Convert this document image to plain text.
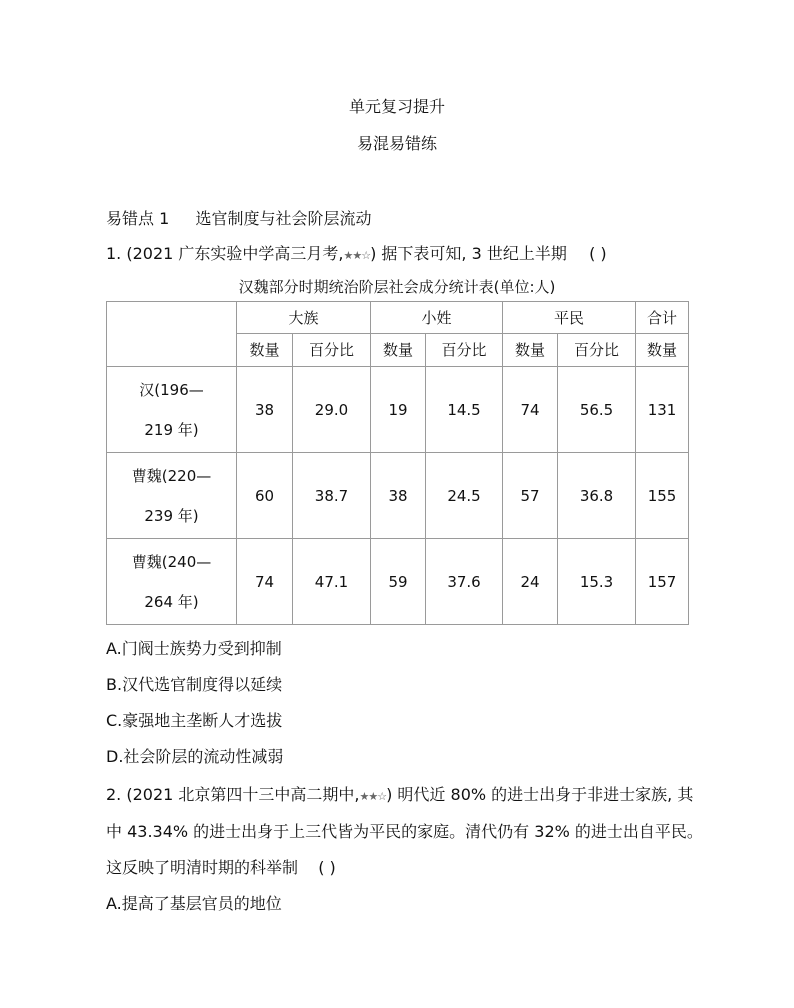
单元复习提升
易混易错练
易错点 1 选官制度与社会阶层流动
1. (2021 广东实验中学高三月考,★★☆) 据下表可知, 3 世纪上半期 ( )
汉魏部分时期统治阶层社会成分统计表(单位:人)
	大族		小姓		平民		合计
	数量	百分比	数量	百分比	数量	百分比	数量

汉(196—
219 年)	38	29.0	19	14.5	74	56.5	131

曹魏(220—
239 年)	60	38.7	38	24.5	57	36.8	155

曹魏(240—
264 年)	74	47.1	59	37.6	24	15.3	157
A.门阀士族势力受到抑制
B.汉代选官制度得以延续
C.豪强地主垄断人才选拔
D.社会阶层的流动性减弱
2. (2021 北京第四十三中高二期中,★★☆) 明代近 80% 的进士出身于非进士家族, 其
中 43.34% 的进士出身于上三代皆为平民的家庭。清代仍有 32% 的进士出自平民。
这反映了明清时期的科举制 ( )
A.提高了基层官员的地位
